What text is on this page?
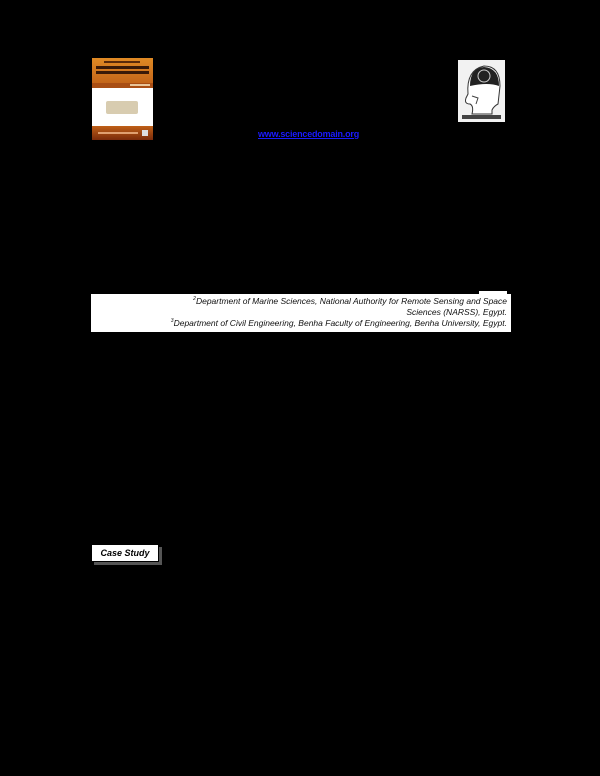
www.sciencedomain.org
$^2$Department of Marine Sciences, National Authority for Remote Sensing and Space
Sciences (NARSS), Egypt.
$^3$Department of Civil Engineering, Benha Faculty of Engineering, Benha University, Egypt.
Case Study
